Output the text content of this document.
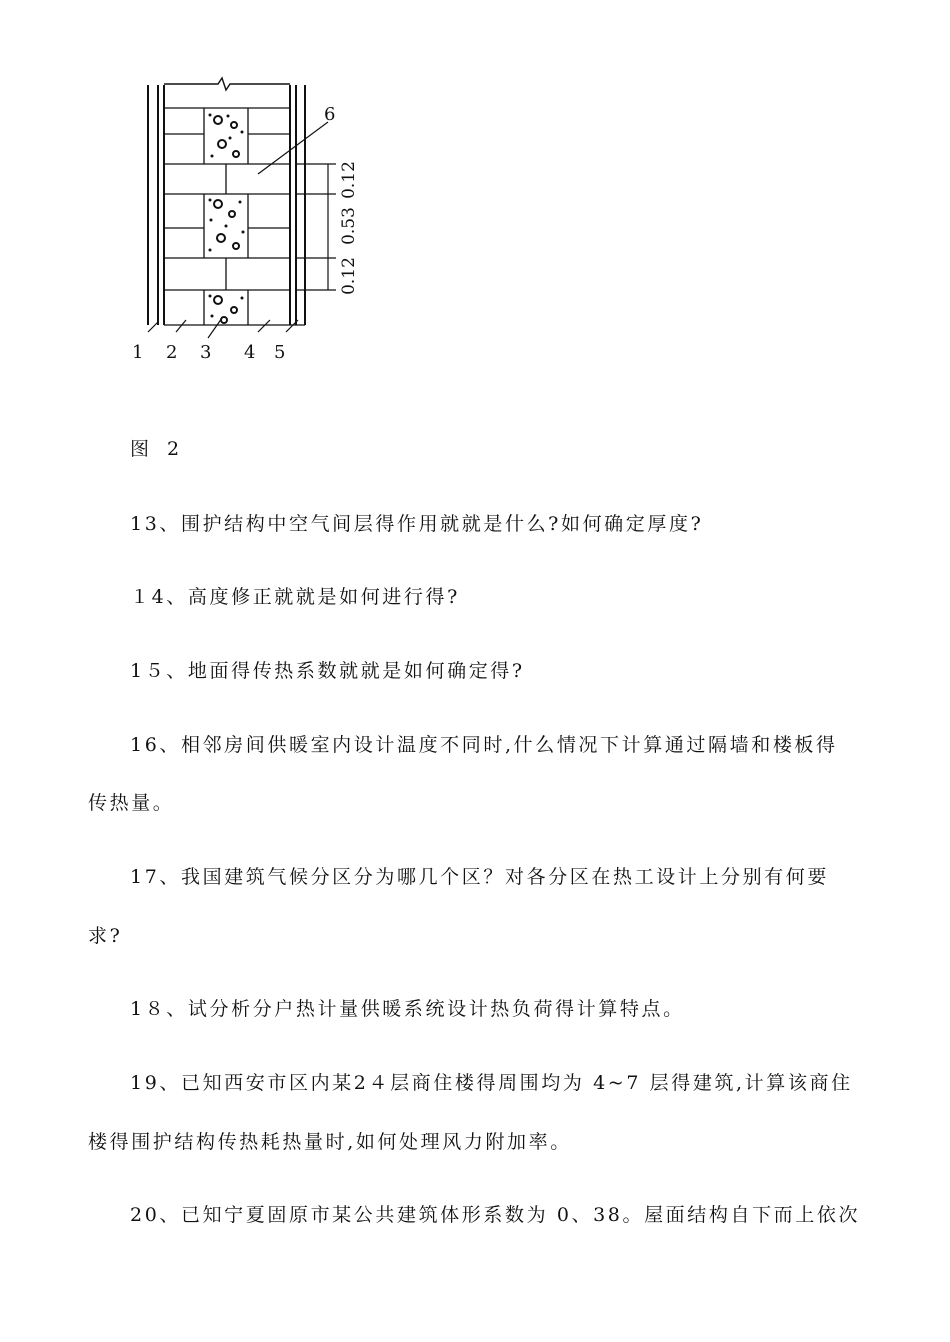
1 2 3 4 5
6
0.12
0.53
0.12
图 2
13、围护结构中空气间层得作用就就是什么?如何确定厚度?
１4、高度修正就就是如何进行得?
1５、地面得传热系数就就是如何确定得?
16、相邻房间供暖室内设计温度不同时,什么情况下计算通过隔墙和楼板得
传热量。
17、我国建筑气候分区分为哪几个区？对各分区在热工设计上分别有何要
求?
1８、试分析分户热计量供暖系统设计热负荷得计算特点。
19、已知西安市区内某2４层商住楼得周围均为 4~7 层得建筑,计算该商住
楼得围护结构传热耗热量时,如何处理风力附加率。
20、已知宁夏固原市某公共建筑体形系数为 0、38。屋面结构自下而上依次
